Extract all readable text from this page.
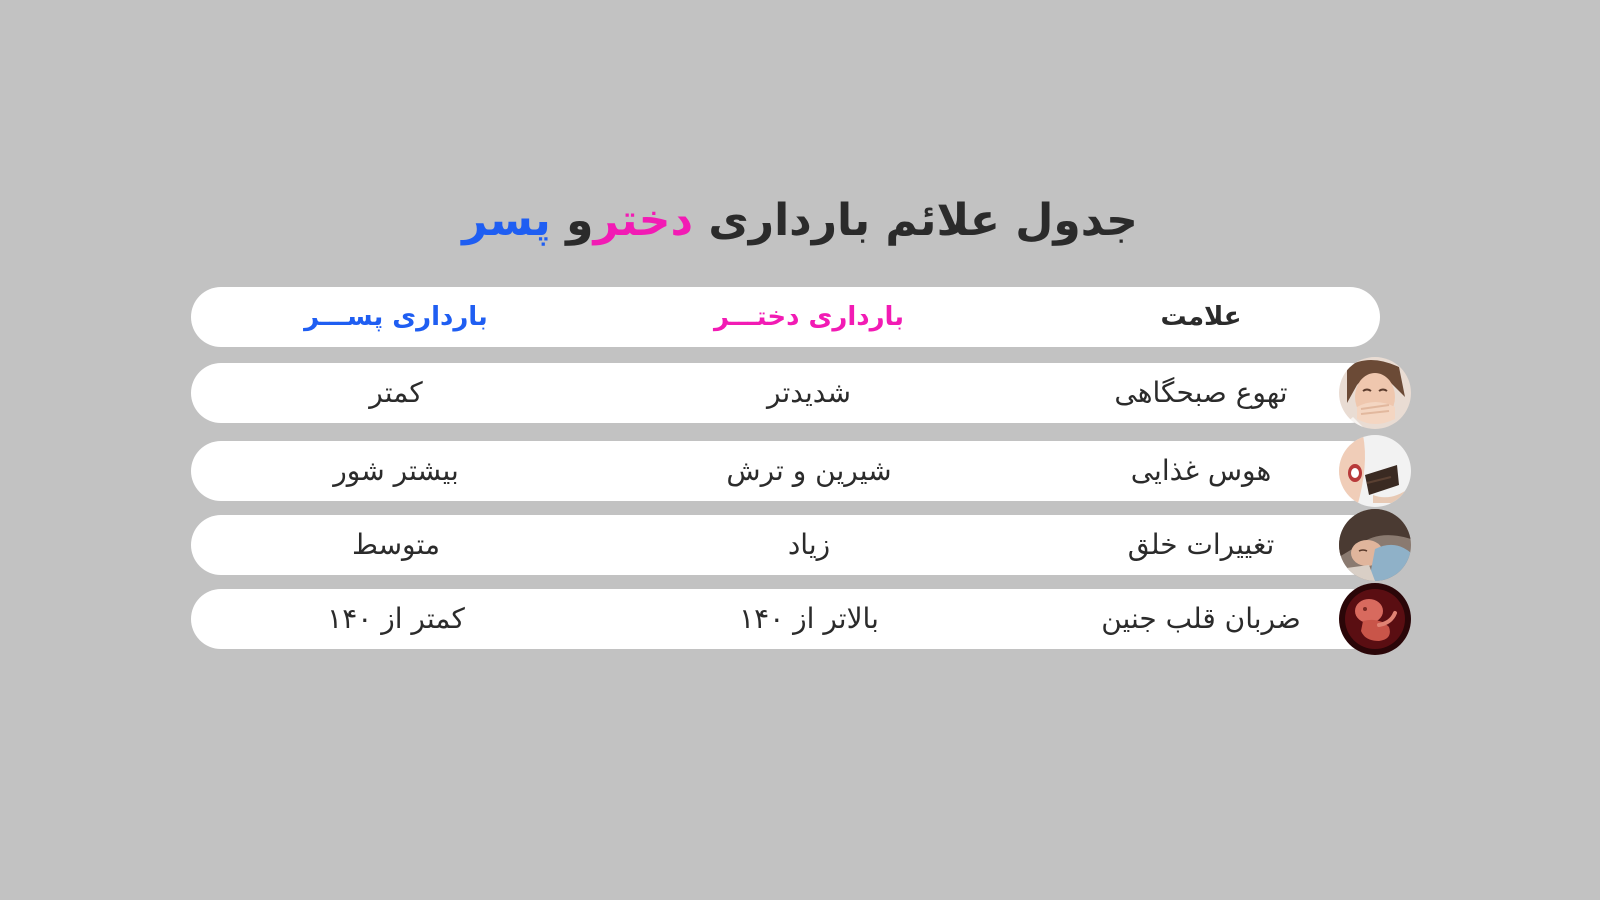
جدول علائم بارداری دخترو پسر
بارداری پســـر	بارداری دختـــر	علامت
کمتر	شدیدتر	تهوع صبحگاهی
بیشتر شور	شیرین و ترش	هوس غذایی
متوسط	زیاد	تغییرات خلق
کمتر از ۱۴۰	بالاتر از ۱۴۰	ضربان قلب جنین
